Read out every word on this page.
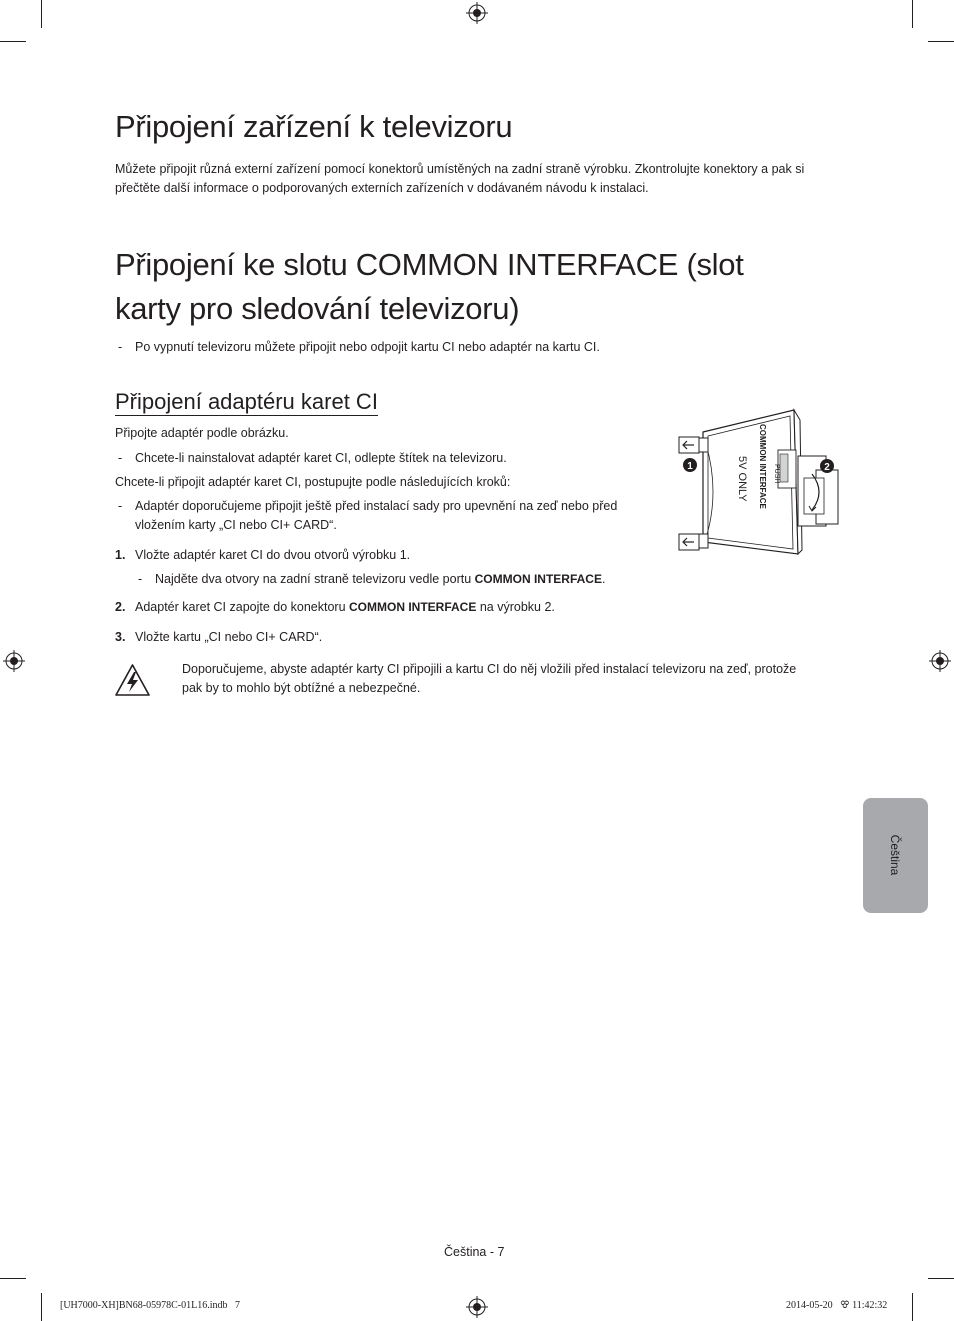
Připojení zařízení k televizoru
Můžete připojit různá externí zařízení pomocí konektorů umístěných na zadní straně výrobku. Zkontrolujte konektory a pak si
přečtěte další informace o podporovaných externích zařízeních v dodávaném návodu k instalaci.
Připojení ke slotu COMMON INTERFACE (slot
karty pro sledování televizoru)
- Po vypnutí televizoru můžete připojit nebo odpojit kartu CI nebo adaptér na kartu CI.
Připojení adaptéru karet CI
Připojte adaptér podle obrázku.
- Chcete-li nainstalovat adaptér karet CI, odlepte štítek na televizoru.
Chcete-li připojit adaptér karet CI, postupujte podle následujících kroků:
- Adaptér doporučujeme připojit ještě před instalací sady pro upevnění na zeď nebo před
vložením karty „CI nebo CI+ CARD“.
1. Vložte adaptér karet CI do dvou otvorů výrobku 1.
- Najděte dva otvory na zadní straně televizoru vedle portu COMMON INTERFACE.
2. Adaptér karet CI zapojte do konektoru COMMON INTERFACE na výrobku 2.
3. Vložte kartu „CI nebo CI+ CARD“.
Doporučujeme, abyste adaptér karty CI připojili a kartu CI do něj vložili před instalací televizoru na zeď, protože
pak by to mohlo být obtížné a nebezpečné.
COMMON INTERFACE
5V ONLY	PUSH
1	2
Čeština
Čeština - 7
[UH7000-XH]BN68-05978C-01L16.indb   7	2014-05-20   ꕢ 11:42:32
